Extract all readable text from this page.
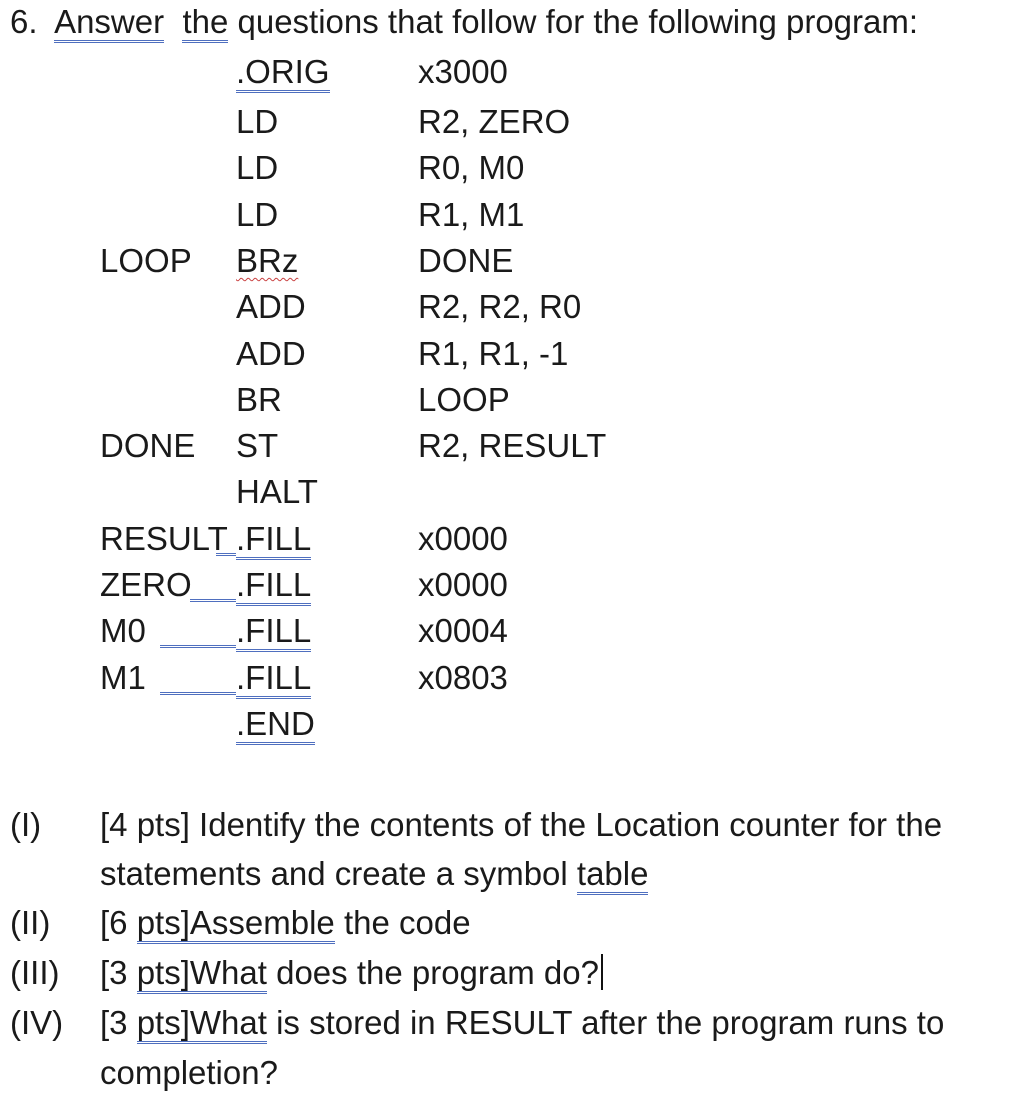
6. Answer the questions that follow for the following program:
.ORIG	x3000
LD	R2, ZERO
LD	R0, M0
LD	R1, M1
LOOP BRz	DONE
ADD	R2, R2, R0
ADD	R1, R1, -1
BR	LOOP
DONE ST	R2, RESULT
HALT
RESULT .FILL	x0000
ZERO .FILL	x0000
M0	.FILL	x0004
M1	.FILL	x0803
.END
(I) [4 pts] Identify the contents of the Location counter for the
statements and create a symbol table
(II) [6 pts]Assemble the code
(III) [3 pts]What does the program do?
(IV) [3 pts]What is stored in RESULT after the program runs to
completion?
